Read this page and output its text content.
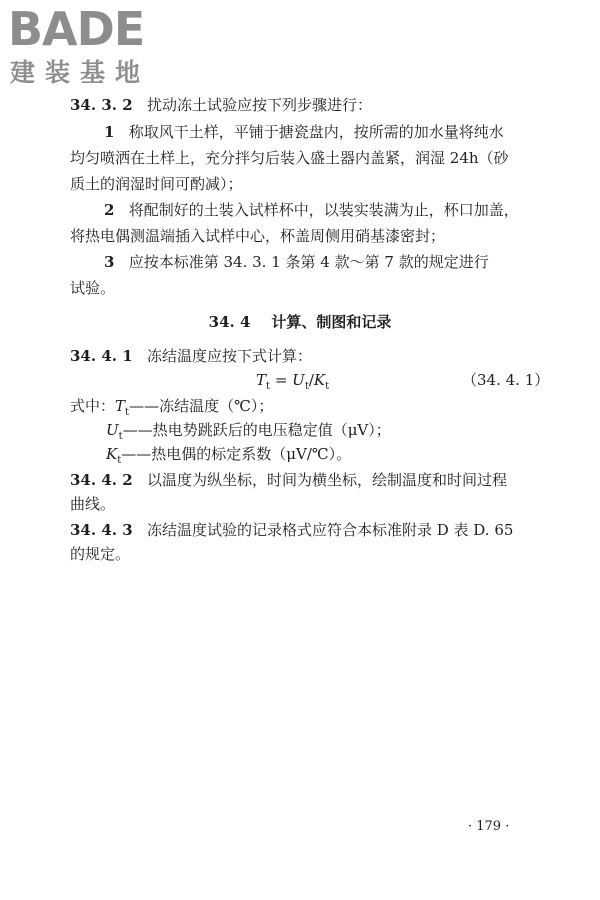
BADE
建装基地
34. 3. 2 扰动冻土试验应按下列步骤进行：
1 称取风干土样，平铺于搪瓷盘内，按所需的加水量将纯水
均匀喷洒在土样上，充分拌匀后装入盛土器内盖紧，润湿 24h（砂
质土的润湿时间可酌减）；
2 将配制好的土装入试样杯中，以装实装满为止，杯口加盖，
将热电偶测温端插入试样中心，杯盖周侧用硝基漆密封；
3 应按本标准第 34. 3. 1 条第 4 款～第 7 款的规定进行
试验。
34. 4 计算、制图和记录
34. 4. 1 冻结温度应按下式计算：
$T_t = U_t/K_t$	（34. 4. 1）
式中：$T_t——$冻结温度（℃）；
$U_t——$热电势跳跃后的电压稳定值（μV）；
$K_t——$热电偶的标定系数（μV/℃）。
34. 4. 2 以温度为纵坐标，时间为横坐标，绘制温度和时间过程
曲线。
34. 4. 3 冻结温度试验的记录格式应符合本标准附录 D 表 D. 65
的规定。
· 179 ·
